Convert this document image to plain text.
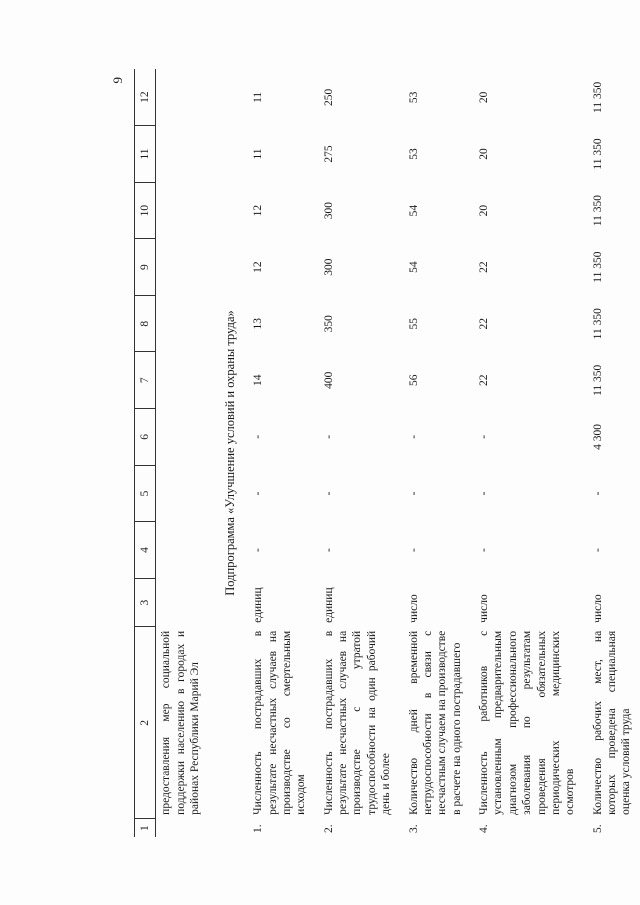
9
1	2	3	4	5	6	7	8	9	10	11	12
	предоставления мер социальной поддержки населению в городах и районах Республики Марий Эл										
Подпрограмма «Улучшение условий и охраны труда»											
1.	Численность пострадавших в результате несчастных случаев на производстве со смертельным исходом	единиц	-	-	-	14	13	12	12	11	11
2.	Численность пострадавших в результате несчастных случаев на производстве с утратой трудоспособности на один рабочий день и более	единиц	-	-	-	400	350	300	300	275	250
3.	Количество дней временной нетрудоспособности в связи с несчастным случаем на производстве в расчете на одного пострадавшего	число	-	-	-	56	55	54	54	53	53
4.	Численность работников с установленным предварительным диагнозом профессионального заболевания по результатам проведения обязательных периодических медицинских осмотров	число	-	-	-	22	22	22	20	20	20
5.	Количество рабочих мест, на которых проведена специальная оценка условий труда	число	-	-	4 300	11 350	11 350	11 350	11 350	11 350	11 350
